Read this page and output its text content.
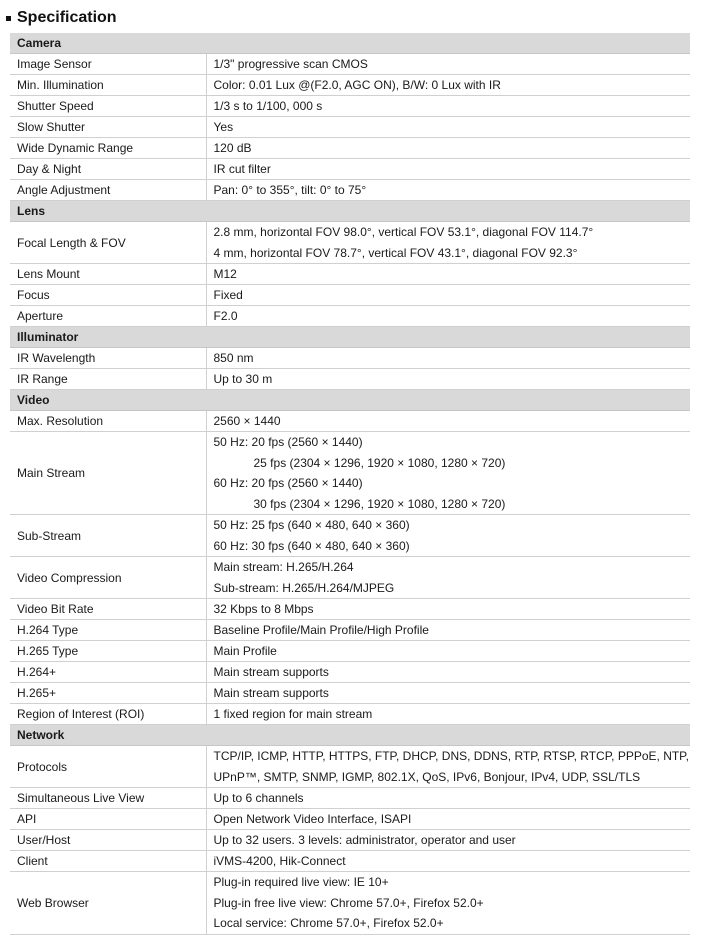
Specification
Camera	
Image Sensor	1/3" progressive scan CMOS
Min. Illumination	Color: 0.01 Lux @(F2.0, AGC ON), B/W: 0 Lux with IR
Shutter Speed	1/3 s to 1/100, 000 s
Slow Shutter	Yes
Wide Dynamic Range	120 dB
Day & Night	IR cut filter
Angle Adjustment	Pan: 0° to 355°, tilt: 0° to 75°
Lens	
Focal Length & FOV	2.8 mm, horizontal FOV 98.0°, vertical FOV 53.1°, diagonal FOV 114.7°
4 mm, horizontal FOV 78.7°, vertical FOV 43.1°, diagonal FOV 92.3°

Lens Mount	M12
Focus	Fixed
Aperture	F2.0
Illuminator	
IR Wavelength	850 nm
IR Range	Up to 30 m
Video	
Max. Resolution	2560 × 1440
Main Stream	50 Hz: 20 fps (2560 × 1440)
25 fps (2304 × 1296, 1920 × 1080, 1280 × 720)
60 Hz: 20 fps (2560 × 1440)
30 fps (2304 × 1296, 1920 × 1080, 1280 × 720)

Sub-Stream	50 Hz: 25 fps (640 × 480, 640 × 360)
60 Hz: 30 fps (640 × 480, 640 × 360)

Video Compression	Main stream: H.265/H.264
Sub-stream: H.265/H.264/MJPEG

Video Bit Rate	32 Kbps to 8 Mbps
H.264 Type	Baseline Profile/Main Profile/High Profile
H.265 Type	Main Profile
H.264+	Main stream supports
H.265+	Main stream supports
Region of Interest (ROI)	1 fixed region for main stream
Network	
Protocols	TCP/IP, ICMP, HTTP, HTTPS, FTP, DHCP, DNS, DDNS, RTP, RTSP, RTCP, PPPoE, NTP,
UPnP™, SMTP, SNMP, IGMP, 802.1X, QoS, IPv6, Bonjour, IPv4, UDP, SSL/TLS

Simultaneous Live View	Up to 6 channels
API	Open Network Video Interface, ISAPI
User/Host	Up to 32 users. 3 levels: administrator, operator and user
Client	iVMS-4200, Hik-Connect
Web Browser	Plug-in required live view: IE 10+
Plug-in free live view: Chrome 57.0+, Firefox 52.0+
Local service: Chrome 57.0+, Firefox 52.0+
